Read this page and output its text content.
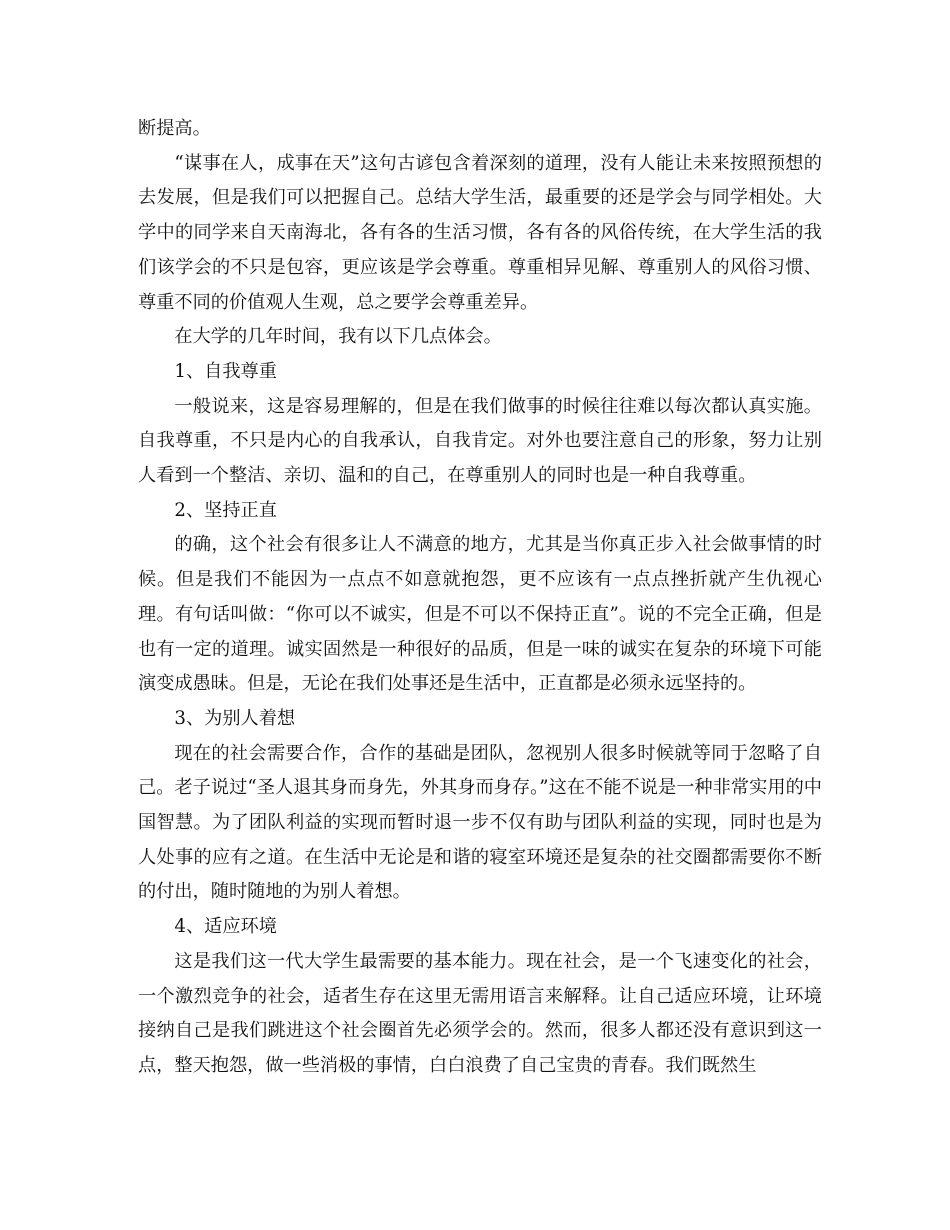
断提高。

“谋事在人，成事在天”这句古谚包含着深刻的道理，没有人能让未来按照预想的去发展，但是我们可以把握自己。总结大学生活，最重要的还是学会与同学相处。大学中的同学来自天南海北，各有各的生活习惯，各有各的风俗传统，在大学生活的我们该学会的不只是包容，更应该是学会尊重。尊重相异见解、尊重别人的风俗习惯、尊重不同的价值观人生观，总之要学会尊重差异。

在大学的几年时间，我有以下几点体会。

1、自我尊重

一般说来，这是容易理解的，但是在我们做事的时候往往难以每次都认真实施。自我尊重，不只是内心的自我承认，自我肯定。对外也要注意自己的形象，努力让别人看到一个整洁、亲切、温和的自己，在尊重别人的同时也是一种自我尊重。

2、坚持正直

的确，这个社会有很多让人不满意的地方，尤其是当你真正步入社会做事情的时候。但是我们不能因为一点点不如意就抱怨，更不应该有一点点挫折就产生仇视心理。有句话叫做：“你可以不诚实，但是不可以不保持正直”。说的不完全正确，但是也有一定的道理。诚实固然是一种很好的品质，但是一味的诚实在复杂的环境下可能演变成愚昧。但是，无论在我们处事还是生活中，正直都是必须永远坚持的。

3、为别人着想

现在的社会需要合作，合作的基础是团队，忽视别人很多时候就等同于忽略了自己。老子说过“圣人退其身而身先，外其身而身存。”这在不能不说是一种非常实用的中国智慧。为了团队利益的实现而暂时退一步不仅有助与团队利益的实现，同时也是为人处事的应有之道。在生活中无论是和谐的寝室环境还是复杂的社交圈都需要你不断的付出，随时随地的为别人着想。

4、适应环境

这是我们这一代大学生最需要的基本能力。现在社会，是一个飞速变化的社会，一个激烈竞争的社会，适者生存在这里无需用语言来解释。让自己适应环境，让环境接纳自己是我们跳进这个社会圈首先必须学会的。然而，很多人都还没有意识到这一点，整天抱怨，做一些消极的事情，白白浪费了自己宝贵的青春。我们既然生
